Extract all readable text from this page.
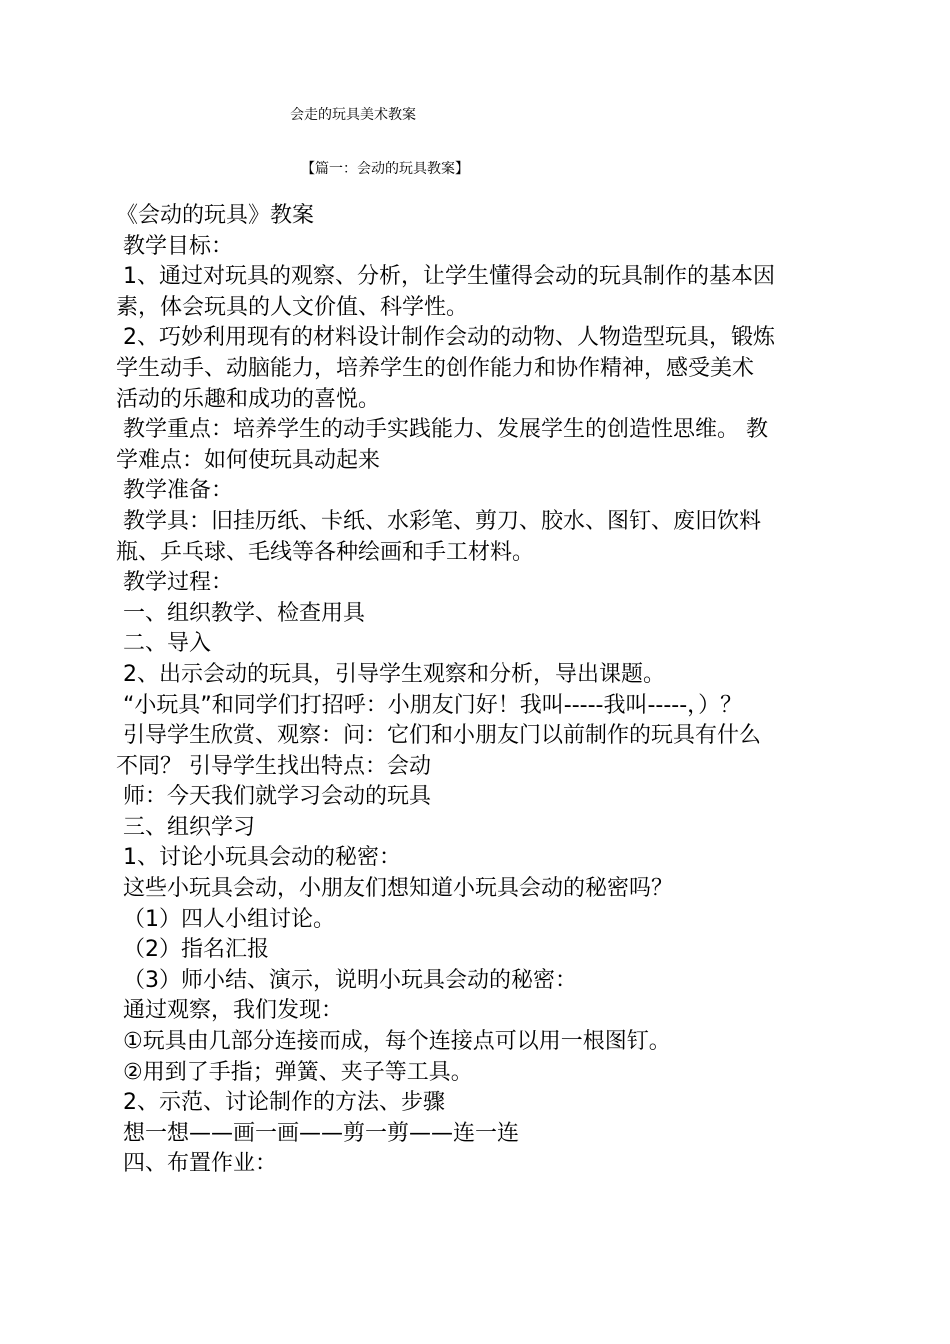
会走的玩具美术教案
【篇一：会动的玩具教案】

《会动的玩具》教案

教学目标：

1、通过对玩具的观察、分析，让学生懂得会动的玩具制作的基本因

素，体会玩具的人文价值、科学性。

2、巧妙利用现有的材料设计制作会动的动物、人物造型玩具，锻炼

学生动手、动脑能力，培养学生的创作能力和协作精神，感受美术

活动的乐趣和成功的喜悦。

教学重点：培养学生的动手实践能力、发展学生的创造性思维。 教

学难点：如何使玩具动起来

教学准备：

教学具：旧挂历纸、卡纸、水彩笔、剪刀、胶水、图钉、废旧饮料

瓶、乒乓球、毛线等各种绘画和手工材料。

教学过程：

一、组织教学、检查用具

二、导入

2、出示会动的玩具，引导学生观察和分析，导出课题。

“小玩具”和同学们打招呼：小朋友门好！我叫-----我叫-----，）？

引导学生欣赏、观察：问：它们和小朋友门以前制作的玩具有什么

不同？ 引导学生找出特点：会动

师：今天我们就学习会动的玩具

三、组织学习

1、讨论小玩具会动的秘密：

这些小玩具会动，小朋友们想知道小玩具会动的秘密吗？

（1）四人小组讨论。

（2）指名汇报

（3）师小结、演示，说明小玩具会动的秘密：

通过观察，我们发现：

①玩具由几部分连接而成，每个连接点可以用一根图钉。

②用到了手指；弹簧、夹子等工具。

2、示范、讨论制作的方法、步骤

想一想——画一画——剪一剪——连一连

四、布置作业：
